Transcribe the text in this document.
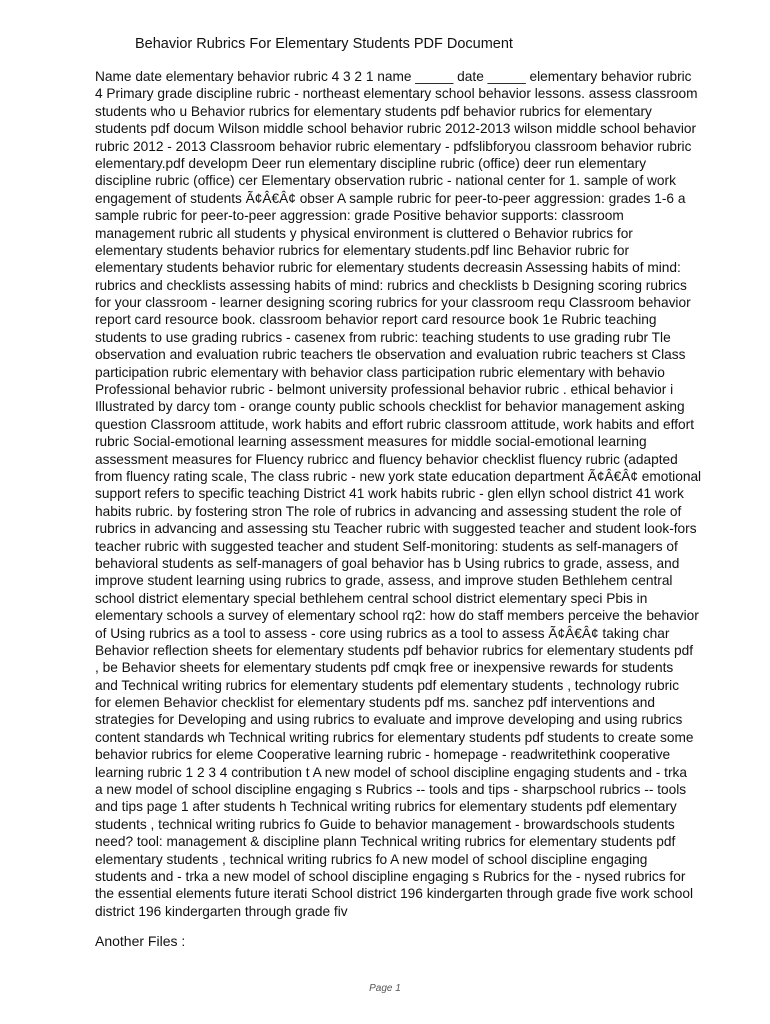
Behavior Rubrics For Elementary Students PDF Document
Name date elementary behavior rubric 4 3 2 1 name _____ date _____ elementary behavior rubric
4 Primary grade discipline rubric - northeast elementary school behavior lessons. assess classroom
students who u Behavior rubrics for elementary students pdf behavior rubrics for elementary
students pdf docum Wilson middle school behavior rubric 2012-2013 wilson middle school behavior
rubric 2012 - 2013 Classroom behavior rubric elementary - pdfslibforyou classroom behavior rubric
elementary.pdf developm Deer run elementary discipline rubric (office) deer run elementary
discipline rubric (office) cer Elementary observation rubric - national center for 1. sample of work
engagement of students Ã¢Â€Â¢ obser A sample rubric for peer-to-peer aggression: grades 1-6 a
sample rubric for peer-to-peer aggression: grade Positive behavior supports: classroom
management rubric all students y physical environment is cluttered o Behavior rubrics for
elementary students behavior rubrics for elementary students.pdf linc Behavior rubric for
elementary students behavior rubric for elementary students decreasin Assessing habits of mind:
rubrics and checklists assessing habits of mind: rubrics and checklists b Designing scoring rubrics
for your classroom - learner designing scoring rubrics for your classroom requ Classroom behavior
report card resource book. classroom behavior report card resource book 1e Rubric teaching
students to use grading rubrics - casenex from rubric: teaching students to use grading rubr Tle
observation and evaluation rubric teachers tle observation and evaluation rubric teachers st Class
participation rubric elementary with behavior class participation rubric elementary with behavio
Professional behavior rubric - belmont university professional behavior rubric . ethical behavior i
Illustrated by darcy tom - orange county public schools checklist for behavior management asking
question Classroom attitude, work habits and effort rubric classroom attitude, work habits and effort
rubric Social-emotional learning assessment measures for middle social-emotional learning
assessment measures for Fluency rubricc and fluency behavior checklist fluency rubric (adapted
from fluency rating scale, The class rubric - new york state education department Ã¢Â€Â¢ emotional
support refers to specific teaching District 41 work habits rubric - glen ellyn school district 41 work
habits rubric. by fostering stron The role of rubrics in advancing and assessing student the role of
rubrics in advancing and assessing stu Teacher rubric with suggested teacher and student look-fors
teacher rubric with suggested teacher and student Self-monitoring: students as self-managers of
behavioral students as self-managers of goal behavior has b Using rubrics to grade, assess, and
improve student learning using rubrics to grade, assess, and improve studen Bethlehem central
school district elementary special bethlehem central school district elementary speci Pbis in
elementary schools a survey of elementary school rq2: how do staff members perceive the behavior
of Using rubrics as a tool to assess - core using rubrics as a tool to assess Ã¢Â€Â¢ taking char
Behavior reflection sheets for elementary students pdf behavior rubrics for elementary students pdf
, be Behavior sheets for elementary students pdf cmqk free or inexpensive rewards for students
and Technical writing rubrics for elementary students pdf elementary students , technology rubric
for elemen Behavior checklist for elementary students pdf ms. sanchez pdf interventions and
strategies for Developing and using rubrics to evaluate and improve developing and using rubrics
content standards wh Technical writing rubrics for elementary students pdf students to create some
behavior rubrics for eleme Cooperative learning rubric - homepage - readwritethink cooperative
learning rubric 1 2 3 4 contribution t A new model of school discipline engaging students and - trka
a new model of school discipline engaging s Rubrics -- tools and tips - sharpschool rubrics -- tools
and tips page 1 after students h Technical writing rubrics for elementary students pdf elementary
students , technical writing rubrics fo Guide to behavior management - browardschools students
need? tool: management & discipline plann Technical writing rubrics for elementary students pdf
elementary students , technical writing rubrics fo A new model of school discipline engaging
students and - trka a new model of school discipline engaging s Rubrics for the - nysed rubrics for
the essential elements future iterati School district 196 kindergarten through grade five work school
district 196 kindergarten through grade fiv
Another Files :
Page 1
